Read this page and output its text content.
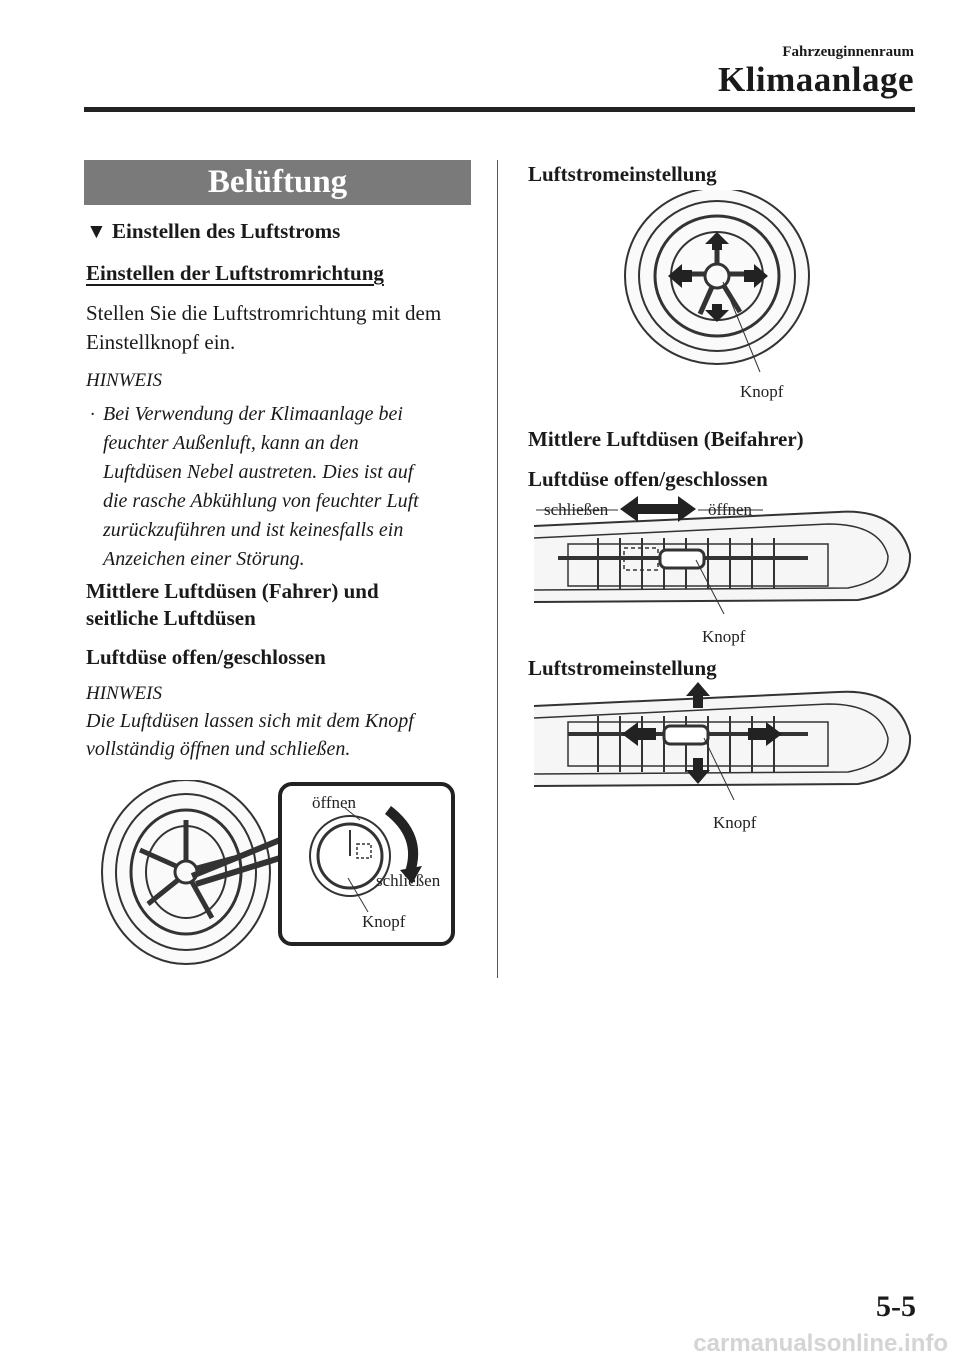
Fahrzeuginnenraum
Klimaanlage
Belüftung
▼ Einstellen des Luftstroms
Einstellen der Luftstromrichtung
Stellen Sie die Luftstromrichtung mit dem
Einstellknopf ein.
HINWEIS
· Bei Verwendung der Klimaanlage bei
feuchter Außenluft, kann an den
Luftdüsen Nebel austreten. Dies ist auf
die rasche Abkühlung von feuchter Luft
zurückzuführen und ist keinesfalls ein
Anzeichen einer Störung.
Mittlere Luftdüsen (Fahrer) und
seitliche Luftdüsen
Luftdüse offen/geschlossen
HINWEIS
Die Luftdüsen lassen sich mit dem Knopf
vollständig öffnen und schließen.
öffnen
schließen
Knopf
Luftstromeinstellung
Knopf
Mittlere Luftdüsen (Beifahrer)
Luftdüse offen/geschlossen
schließen	öffnen
Knopf
Luftstromeinstellung
Knopf
5-5
carmanualsonline.info
